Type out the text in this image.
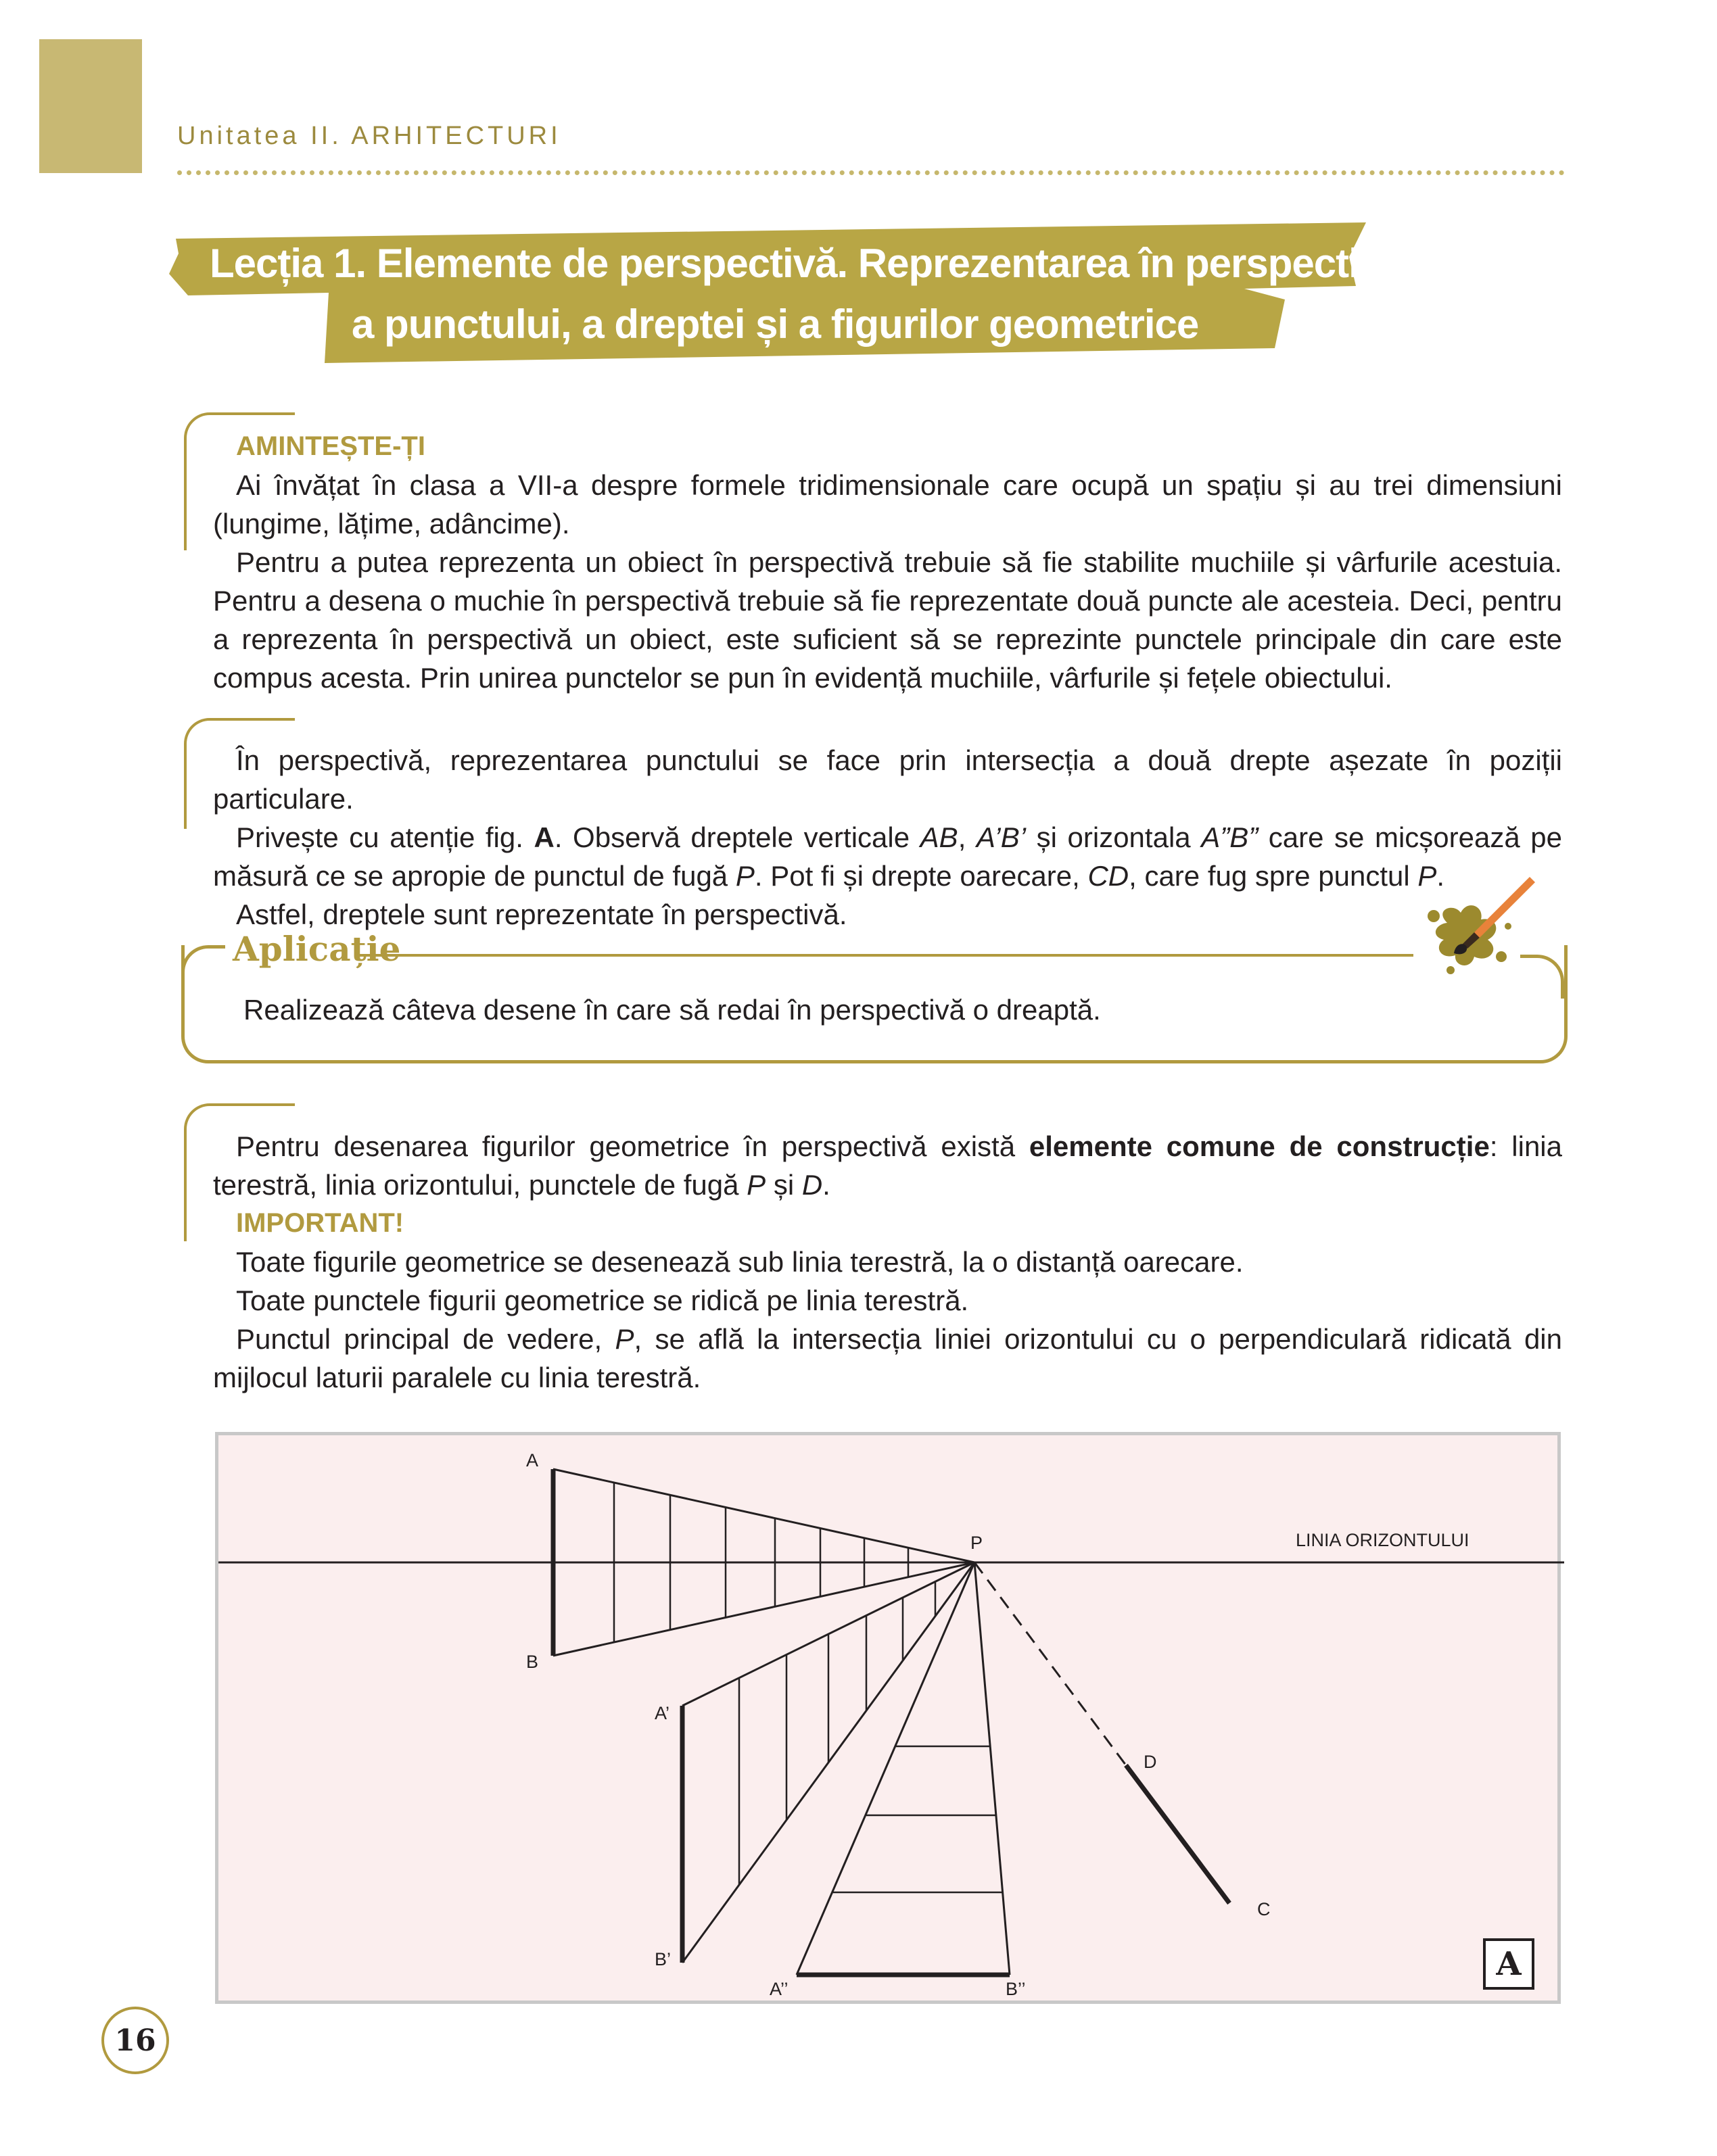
Unitatea II. ARHITECTURI
Lecția 1. Elemente de perspectivă. Reprezentarea în perspectivă
a punctului, a dreptei și a figurilor geometrice
AMINTEȘTE-ȚI

Ai învățat în clasa a VII-a despre formele tridimensionale care ocupă un spațiu și au trei dimensiuni (lungime, lățime, adâncime).

Pentru a putea reprezenta un obiect în perspectivă trebuie să fie stabilite muchiile și vârfurile acestuia. Pentru a desena o muchie în perspectivă trebuie să fie reprezentate două puncte ale acesteia. Deci, pentru a reprezenta în perspectivă un obiect, este suficient să se reprezinte punctele principale din care este compus acesta. Prin unirea punctelor se pun în evidență muchiile, vârfurile și fețele obiectului.

În perspectivă, reprezentarea punctului se face prin intersecția a două drepte așezate în poziții particulare.

Privește cu atenție fig. A. Observă dreptele verticale AB, A’B’ și orizontala A”B” care se micșorează pe măsură ce se apropie de punctul de fugă P. Pot fi și drepte oarecare, CD, care fug spre punctul P.

Astfel, dreptele sunt reprezentate în perspectivă.

Aplicație
Realizează câteva desene în care să redai în perspectivă o dreaptă.

Pentru desenarea figurilor geometrice în perspectivă există elemente comune de construcție: linia terestră, linia orizontului, punctele de fugă P și D.

IMPORTANT!

Toate figurile geometrice se desenează sub linia terestră, la o distanță oarecare.

Toate punctele figurii geometrice se ridică pe linia terestră.

Punctul principal de vedere, P, se află la intersecția liniei orizontului cu o perpendiculară ridicată din mijlocul laturii paralele cu linia terestră.

LINIA ORIZONTULUI
A
B
P
A’
B’
A’’	B’’
D
C
A
16
